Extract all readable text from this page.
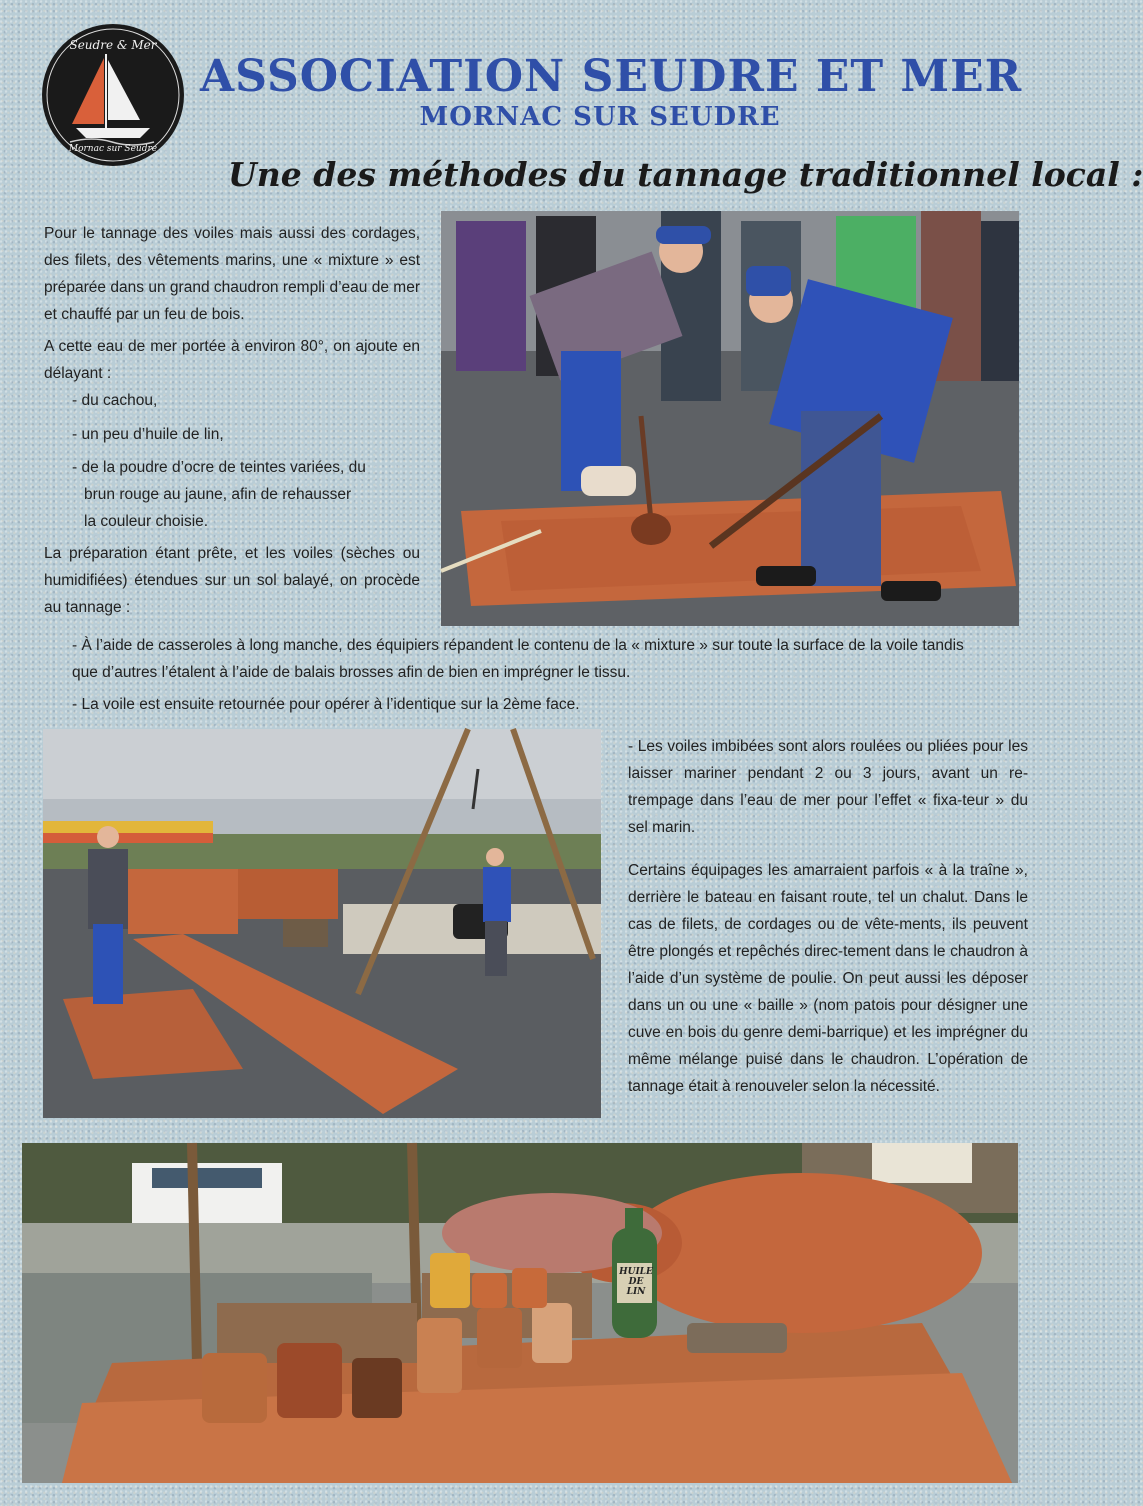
Seudre & Mer
Mornac sur Seudre
ASSOCIATION SEUDRE ET MER
MORNAC SUR SEUDRE
Une des méthodes du tannage traditionnel local :
Pour le tannage des voiles mais aussi des cordages, des filets, des vêtements marins, une « mixture » est préparée dans un grand chaudron rempli d’eau de mer et chauffé par un feu de bois.
A cette eau de mer portée à environ 80°, on ajoute en délayant :
- du cachou,
- un peu d’huile de lin,
- de la poudre d’ocre de teintes variées, du
brun rouge au jaune, afin de rehausser
la couleur choisie.
La préparation étant prête, et les voiles (sèches ou humidifiées) étendues sur un sol balayé, on procède au tannage :
- À l’aide de casseroles à long manche, des équipiers répandent le contenu de la « mixture » sur toute la surface de la voile tandis que d’autres l’étalent à l’aide de balais brosses afin de bien en imprégner le tissu.
- La voile est ensuite retournée pour opérer à l’identique sur la 2ème face.
- Les voiles imbibées sont alors roulées ou pliées pour les laisser mariner pendant 2 ou 3 jours, avant un re-trempage dans l’eau de mer pour l’effet « fixa-teur » du sel marin.
Certains équipages les amarraient parfois « à la traîne », derrière le bateau en faisant route, tel un chalut. Dans le cas de filets, de cordages ou de vête-ments, ils peuvent être plongés et repêchés direc-tement dans le chaudron à l’aide d’un système de poulie. On peut aussi les déposer dans un ou une « baille » (nom patois pour désigner une cuve en bois du genre demi-barrique) et les imprégner du même mélange puisé dans le chaudron. L’opération de tannage était à renouveler selon la nécessité.
HUILE DE LIN
